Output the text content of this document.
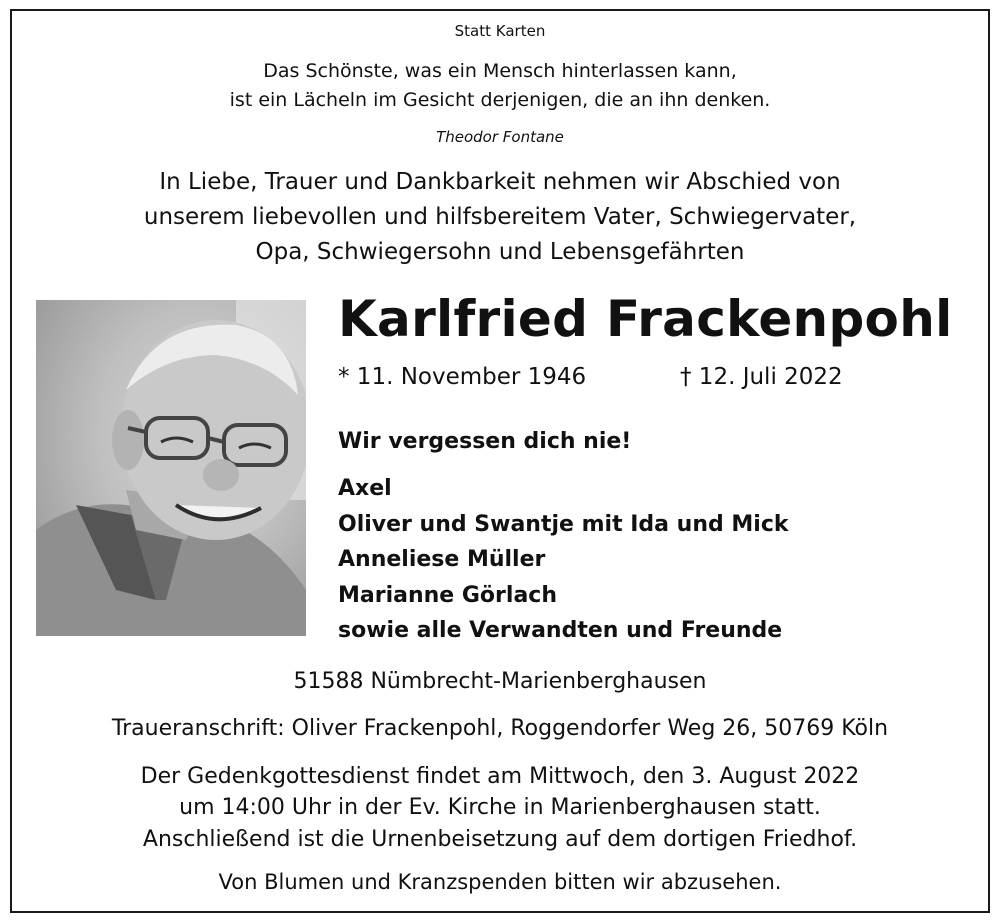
Statt Karten
Das Schönste, was ein Mensch hinterlassen kann,
ist ein Lächeln im Gesicht derjenigen, die an ihn denken.
Theodor Fontane
In Liebe, Trauer und Dankbarkeit nehmen wir Abschied von
unserem liebevollen und hilfsbereitem Vater, Schwiegervater,
Opa, Schwiegersohn und Lebensgefährten
Karlfried Frackenpohl
* 11. November 1946	† 12. Juli 2022
Wir vergessen dich nie!
Axel
Oliver und Swantje mit Ida und Mick
Anneliese Müller
Marianne Görlach
sowie alle Verwandten und Freunde
51588 Nümbrecht-Marienberghausen
Traueranschrift: Oliver Frackenpohl, Roggendorfer Weg 26, 50769 Köln
Der Gedenkgottesdienst findet am Mittwoch, den 3. August 2022
um 14:00 Uhr in der Ev. Kirche in Marienberghausen statt.
Anschließend ist die Urnenbeisetzung auf dem dortigen Friedhof.
Von Blumen und Kranzspenden bitten wir abzusehen.
